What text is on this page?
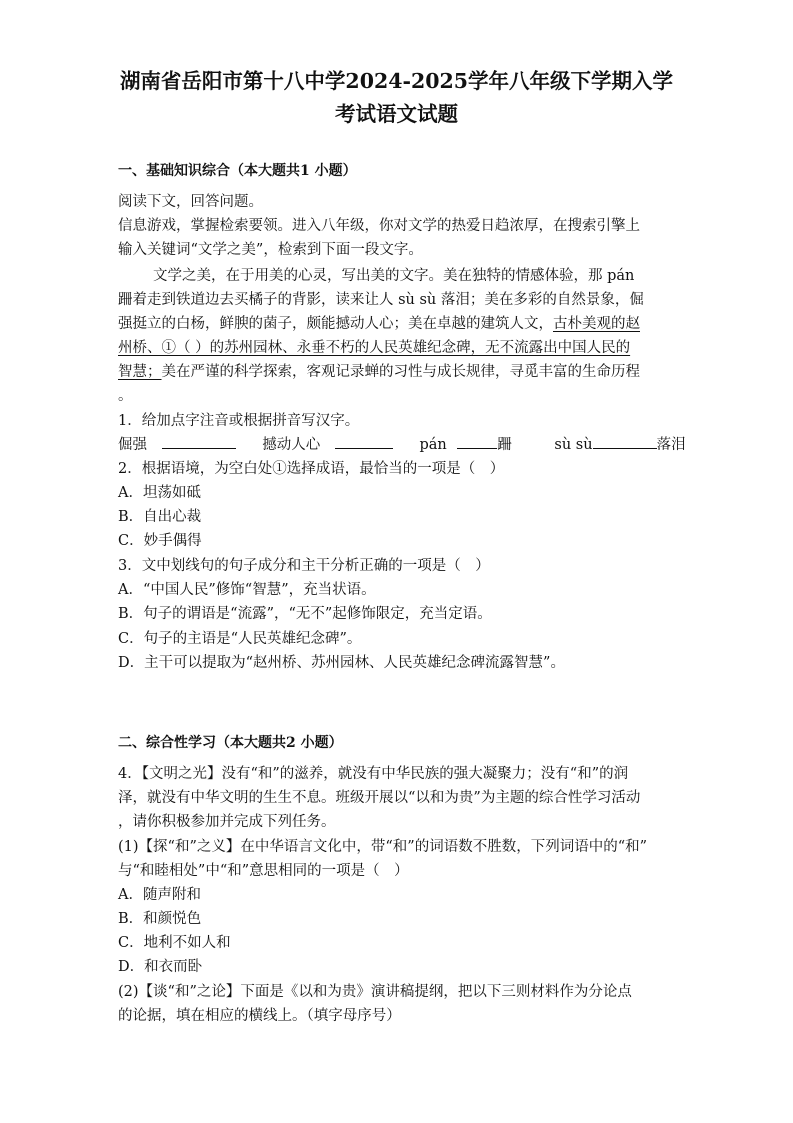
湖南省岳阳市第十八中学2024-2025学年八年级下学期入学
考试语文试题
一、基础知识综合（本大题共1 小题）
阅读下文，回答问题。
信息游戏，掌握检索要领。进入八年级，你对文学的热爱日趋浓厚，在搜索引擎上
输入关键词“文学之美”，检索到下面一段文字。
文学之美，在于用美的心灵，写出美的文字。美在独特的情感体验，那 pán
跚着走到铁道边去买橘子的背影，读来让人 sù sù 落泪；美在多彩的自然景象，倔
强挺立的白杨，鲜腴的菌子，颇能撼动人心；美在卓越的建筑人文，古朴美观的赵
州桥、①（ ）的苏州园林、永垂不朽的人民英雄纪念碑，无不流露出中国人民的
智慧；美在严谨的科学探索，客观记录蝉的习性与成长规律，寻觅丰富的生命历程
。
1．给加点字注音或根据拼音写汉字。
倔强	撼动人心	pán	跚	sù sù	落泪
2．根据语境，为空白处①选择成语，最恰当的一项是（　）
A．坦荡如砥
B．自出心裁
C．妙手偶得
3．文中划线句的句子成分和主干分析正确的一项是（　）
A．“中国人民”修饰“智慧”，充当状语。
B．句子的谓语是“流露”，“无不”起修饰限定，充当定语。
C．句子的主语是“人民英雄纪念碑”。
D．主干可以提取为“赵州桥、苏州园林、人民英雄纪念碑流露智慧”。
二、综合性学习（本大题共2 小题）
4．【文明之光】没有“和”的滋养，就没有中华民族的强大凝聚力；没有“和”的润
泽，就没有中华文明的生生不息。班级开展以“以和为贵”为主题的综合性学习活动
，请你积极参加并完成下列任务。
(1)【探“和”之义】在中华语言文化中，带“和”的词语数不胜数，下列词语中的“和”
与“和睦相处”中“和”意思相同的一项是（　）
A．随声附和
B．和颜悦色
C．地利不如人和
D．和衣而卧
(2)【谈“和”之论】下面是《以和为贵》演讲稿提纲，把以下三则材料作为分论点
的论据，填在相应的横线上。（填字母序号）
